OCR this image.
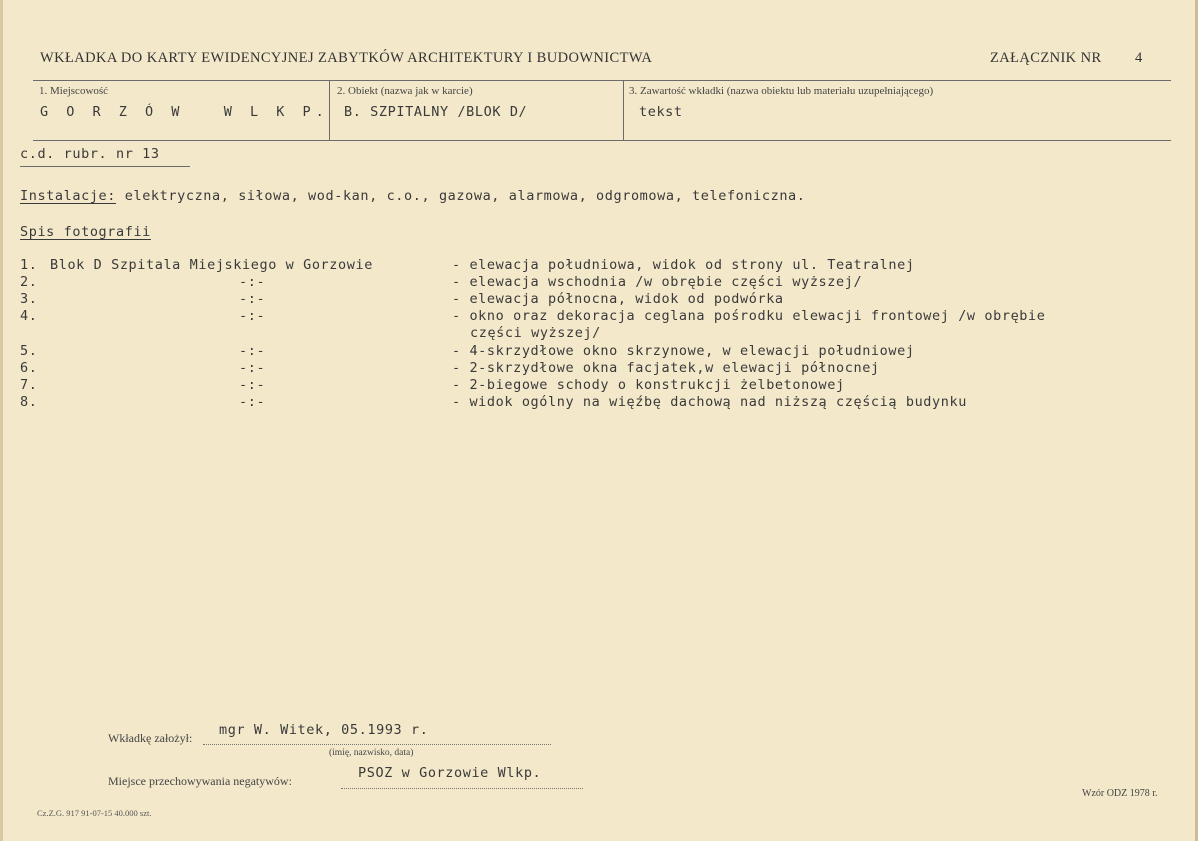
WKŁADKA DO KARTY EWIDENCYJNEJ ZABYTKÓW ARCHITEKTURY I BUDOWNICTWA	ZAŁĄCZNIK NR 4
1. Miejscowość
G O R Z Ó W   W L K P.
2. Obiekt (nazwa jak w karcie)
B. SZPITALNY /BLOK D/
3. Zawartość wkładki (nazwa obiektu lub materiału uzupełniającego)
tekst
c.d. rubr. nr 13
Instalacje: elektryczna, siłowa, wod-kan, c.o., gazowa, alarmowa, odgromowa, telefoniczna.
Spis fotografii
1. Blok D Szpitala Miejskiego w Gorzowie	- elewacja południowa, widok od strony ul. Teatralnej
2.	-:-	- elewacja wschodnia /w obrębie części wyższej/
3.	-:-	- elewacja północna, widok od podwórka
4.	-:-	- okno oraz dekoracja ceglana pośrodku elewacji frontowej /w obrębie
części wyższej/
5.	-:-	- 4-skrzydłowe okno skrzynowe, w elewacji południowej
6.	-:-	- 2-skrzydłowe okna facjatek,w elewacji północnej
7.	-:-	- 2-biegowe schody o konstrukcji żelbetonowej
8.	-:-	- widok ogólny na więźbę dachową nad niższą częścią budynku
Wkładkę założył: mgr W. Witek, 05.1993 r.
(imię, nazwisko, data)
Miejsce przechowywania negatywów:	PSOZ w Gorzowie Wlkp.
Cz.Z.G. 917 91-07-15 40.000 szt.
Wzór ODZ 1978 r.
